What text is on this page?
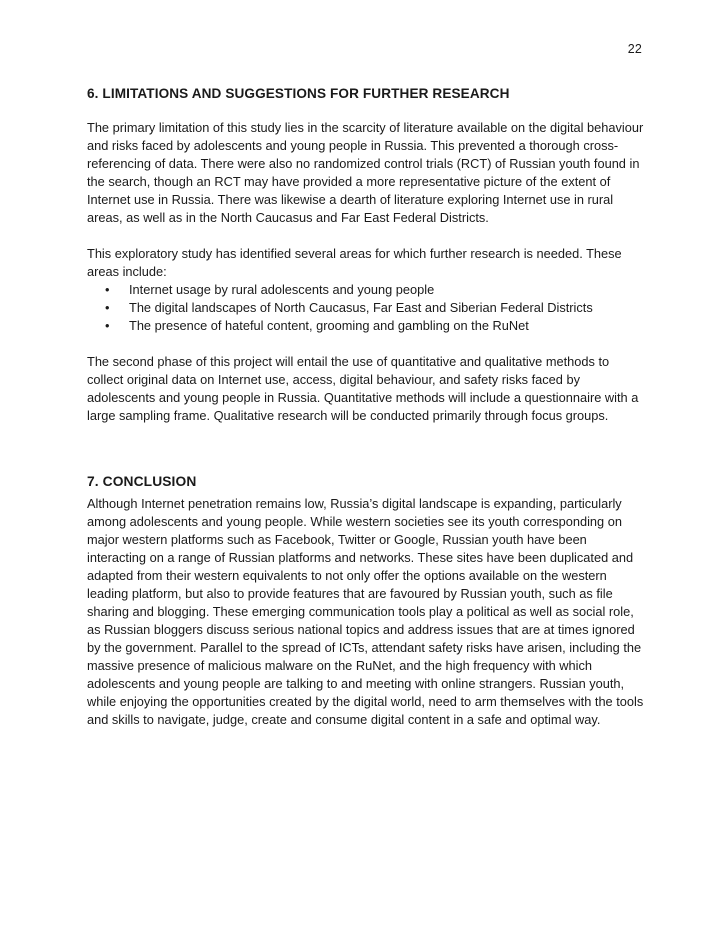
22
6. LIMITATIONS AND SUGGESTIONS FOR FURTHER RESEARCH

The primary limitation of this study lies in the scarcity of literature available on the digital behaviour and risks faced by adolescents and young people in Russia. This prevented a thorough cross-referencing of data. There were also no randomized control trials (RCT) of Russian youth found in the search, though an RCT may have provided a more representative picture of the extent of Internet use in Russia. There was likewise a dearth of literature exploring Internet use in rural areas, as well as in the North Caucasus and Far East Federal Districts.

This exploratory study has identified several areas for which further research is needed. These areas include:

• Internet usage by rural adolescents and young people
• The digital landscapes of North Caucasus, Far East and Siberian Federal Districts
• The presence of hateful content, grooming and gambling on the RuNet

The second phase of this project will entail the use of quantitative and qualitative methods to collect original data on Internet use, access, digital behaviour, and safety risks faced by adolescents and young people in Russia. Quantitative methods will include a questionnaire with a large sampling frame. Qualitative research will be conducted primarily through focus groups.

7. CONCLUSION

Although Internet penetration remains low, Russia’s digital landscape is expanding, particularly among adolescents and young people. While western societies see its youth corresponding on major western platforms such as Facebook, Twitter or Google, Russian youth have been interacting on a range of Russian platforms and networks. These sites have been duplicated and adapted from their western equivalents to not only offer the options available on the western leading platform, but also to provide features that are favoured by Russian youth, such as file sharing and blogging. These emerging communication tools play a political as well as social role, as Russian bloggers discuss serious national topics and address issues that are at times ignored by the government. Parallel to the spread of ICTs, attendant safety risks have arisen, including the massive presence of malicious malware on the RuNet, and the high frequency with which adolescents and young people are talking to and meeting with online strangers. Russian youth, while enjoying the opportunities created by the digital world, need to arm themselves with the tools and skills to navigate, judge, create and consume digital content in a safe and optimal way.
